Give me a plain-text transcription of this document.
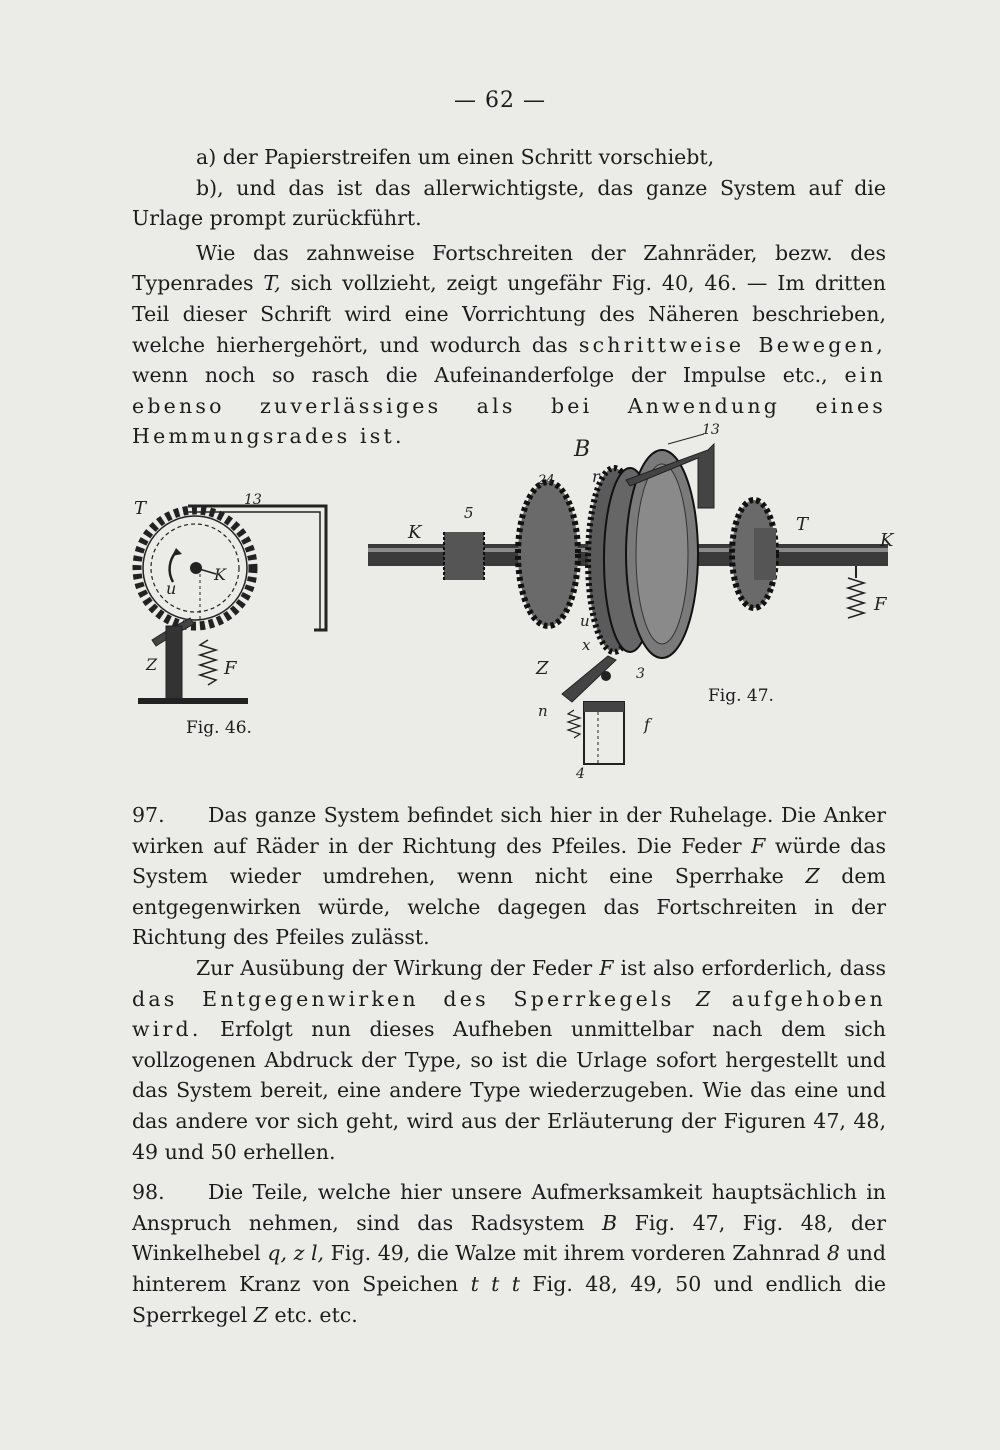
— 62 —

a) der Papierstreifen um einen Schritt vorschiebt,

b), und das ist das allerwichtigste, das ganze System auf die Urlage prompt zurückführt.

Wie das zahnweise Fortschreiten der Zahnräder, bezw. des Typenrades T, sich vollzieht, zeigt ungefähr Fig. 40, 46. — Im dritten Teil dieser Schrift wird eine Vorrichtung des Näheren beschrieben, welche hierhergehört, und wodurch das schrittweise Bewegen, wenn noch so rasch die Aufeinanderfolge der Impulse etc., ein ebenso zuverlässiges als bei Anwendung eines Hemmungsrades ist.

T	13
K
u
Z	F
Fig. 46.
5
K
24 r
B
13
T
K
F
u
x
Z	3
n
f
4
Fig. 47.

97. Das ganze System befindet sich hier in der Ruhelage. Die Anker wirken auf Räder in der Richtung des Pfeiles. Die Feder F würde das System wieder umdrehen, wenn nicht eine Sperrhake Z dem entgegenwirken würde, welche dagegen das Fortschreiten in der Richtung des Pfeiles zulässt.

Zur Ausübung der Wirkung der Feder F ist also erforderlich, dass das Entgegenwirken des Sperrkegels Z aufgehoben wird. Erfolgt nun dieses Aufheben unmittelbar nach dem sich vollzogenen Abdruck der Type, so ist die Urlage sofort hergestellt und das System bereit, eine andere Type wiederzugeben. Wie das eine und das andere vor sich geht, wird aus der Erläuterung der Figuren 47, 48, 49 und 50 erhellen.

98. Die Teile, welche hier unsere Aufmerksamkeit hauptsächlich in Anspruch nehmen, sind das Radsystem B Fig. 47, Fig. 48, der Winkelhebel q, z l, Fig. 49, die Walze mit ihrem vorderen Zahnrad 8 und hinterem Kranz von Speichen t t t Fig. 48, 49, 50 und endlich die Sperrkegel Z etc. etc.
